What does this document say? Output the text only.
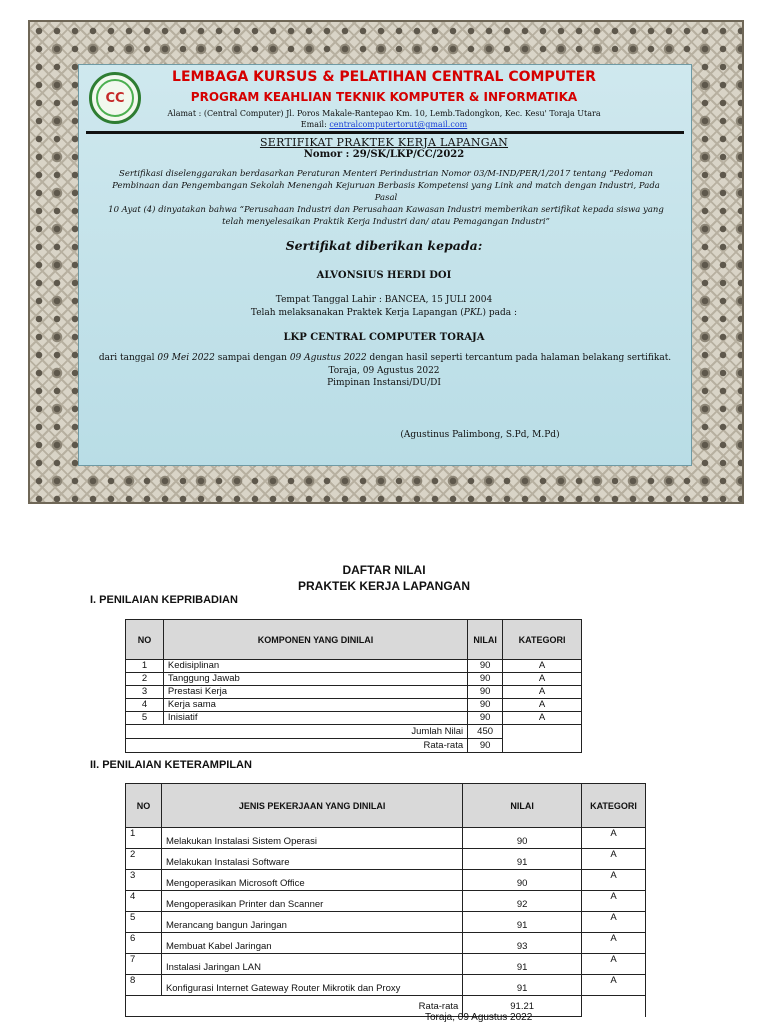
CC
LEMBAGA KURSUS & PELATIHAN CENTRAL COMPUTER
PROGRAM KEAHLIAN TEKNIK KOMPUTER & INFORMATIKA
Alamat : (Central Computer) Jl. Poros Makale-Rantepao Km. 10, Lemb.Tadongkon, Kec. Kesu' Toraja Utara
Email: centralcomputertorut@gmail.com
SERTIFIKAT PRAKTEK KERJA LAPANGAN
Nomor : 29/SK/LKP/CC/2022
Sertifikasi diselenggarakan berdasarkan Peraturan Menteri Perindustrian Nomor 03/M-IND/PER/1/2017 tentang “Pedoman
Pembinaan dan Pengembangan Sekolah Menengah Kejuruan Berbasis Kompetensi yang Link and match dengan Industri, Pada Pasal
10 Ayat (4) dinyatakan bahwa “Perusahaan Industri dan Perusahaan Kawasan Industri memberikan sertifikat kepada siswa yang
telah menyelesaikan Praktik Kerja Industri dan/ atau Pemagangan Industri”
Sertifikat diberikan kepada:
ALVONSIUS HERDI DOI
Tempat Tanggal Lahir : BANCEA, 15 JULI 2004
Telah melaksanakan Praktek Kerja Lapangan (PKL) pada :
LKP CENTRAL COMPUTER TORAJA
dari tanggal 09 Mei 2022 sampai dengan 09 Agustus 2022 dengan hasil seperti tercantum pada halaman belakang sertifikat.
Toraja, 09 Agustus 2022
Pimpinan Instansi/DU/DI
(Agustinus Palimbong, S.Pd, M.Pd)
DAFTAR NILAI
PRAKTEK KERJA LAPANGAN
I. PENILAIAN KEPRIBADIAN
NO	KOMPONEN YANG DINILAI	NILAI	KATEGORI
1	Kedisiplinan	90	A
2	Tanggung Jawab	90	A
3	Prestasi Kerja	90	A
4	Kerja sama	90	A
5	Inisiatif	90	A
Jumlah Nilai		450	
Rata-rata		90	
II. PENILAIAN KETERAMPILAN
NO	JENIS PEKERJAAN YANG DINILAI	NILAI	KATEGORI
1	Melakukan Instalasi Sistem Operasi	90	A
2	Melakukan Instalasi Software	91	A
3	Mengoperasikan Microsoft Office	90	A
4	Mengoperasikan Printer dan Scanner	92	A
5	Merancang bangun Jaringan	91	A
6	Membuat Kabel Jaringan	93	A
7	Instalasi Jaringan LAN	91	A
8	Konfigurasi Internet Gateway Router Mikrotik dan Proxy	91	A
Rata-rata		91.21	
Toraja, 09 Agustus 2022
